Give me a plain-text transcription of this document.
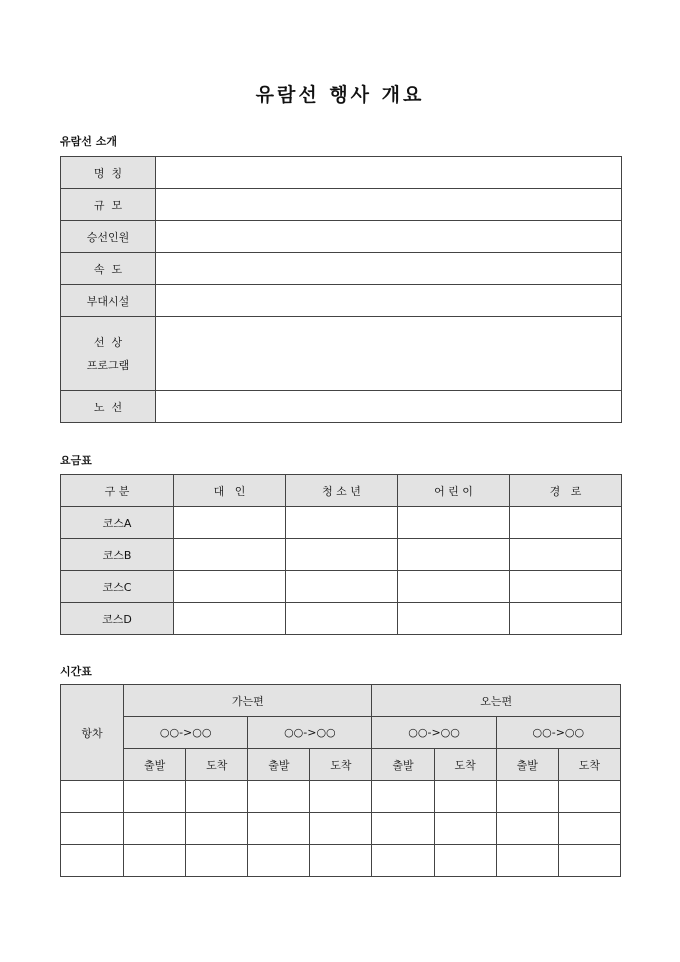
유람선 행사 개요
유람선 소개
명  칭	
규  모	
승선인원	
속  도	
부대시설	

선  상
프로그램	

노  선	
요금표
구 분	대   인	청 소 년	어 린 이	경   로
코스A				
코스B				
코스C				
코스D				
시간표
항차	가는편				오는편			
	○○->○○		○○->○○		○○->○○		○○->○○	
	출발	도착	출발	도착	출발	도착	출발	도착
